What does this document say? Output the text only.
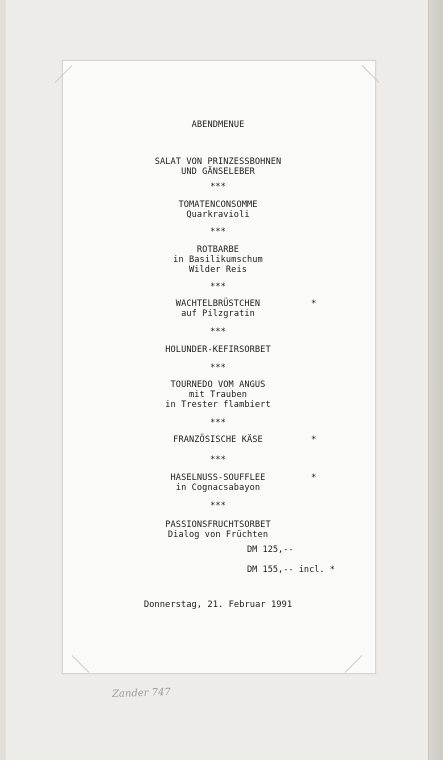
ABENDMENUE
SALAT VON PRINZESSBOHNEN
UND GÄNSELEBER
***
TOMATENCONSOMME
Quarkravioli
***
ROTBARBE
in Basilikumschum
Wilder Reis
***
WACHTELBRÜSTCHEN	*
auf Pilzgratin
***
HOLUNDER-KEFIRSORBET
***
TOURNEDO VOM ANGUS
mit Trauben
in Trester flambiert
***
FRANZÖSISCHE KÄSE	*
***
HASELNUSS-SOUFFLEE	*
in Cognacsabayon
***
PASSIONSFRUCHTSORBET
Dialog von Früchten
DM 125,--
DM 155,-- incl. *
Donnerstag, 21. Februar 1991
Zander 747
